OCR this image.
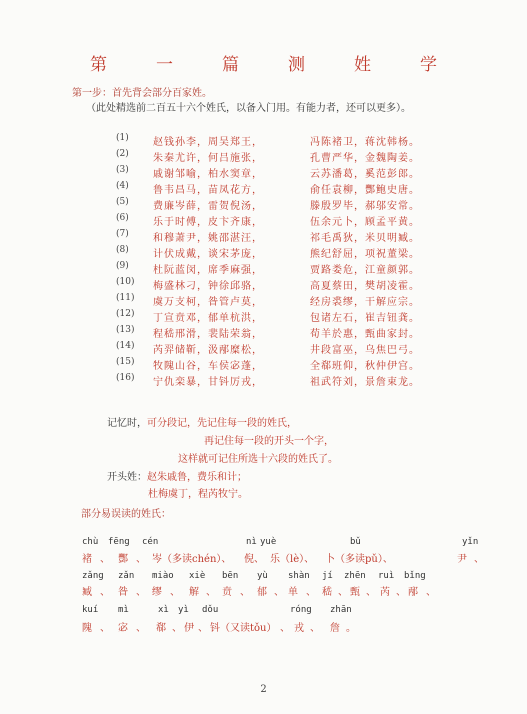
第	一	篇	测	姓	学
第一步：首先背会部分百家姓。
（此处精选前二百五十六个姓氏，以备入门用。有能力者，还可以更多）。
(1)	赵钱孙李，周吴郑王，	冯陈褚卫，蒋沈韩杨。
(2)	朱秦尤许，何吕施张，	孔曹严华，金魏陶姜。
(3)	戚谢邹喻，柏水窦章，	云苏潘葛，奚范彭郎。
(4)	鲁韦昌马，苗凤花方，	俞任袁柳，酆鲍史唐。
(5)	费廉岑薛，雷贺倪汤，	滕殷罗毕，郝邬安常。
(6)	乐于时傅，皮卞齐康，	伍余元卜，顾孟平黄。
(7)	和穆萧尹，姚邵湛汪，	祁毛禹狄，米贝明臧。
(8)	计伏成戴，谈宋茅庞，	熊纪舒屈，项祝董梁。
(9)	杜阮蓝闵，席季麻强，	贾路娄危，江童颜郭。
(10)	梅盛林刁，钟徐邱骆，	高夏蔡田，樊胡凌霍。
(11)	虞万支柯，昝管卢莫，	经房裘缪，干解应宗。
(12)	丁宣贲邓，郁单杭洪，	包诸左石，崔吉钮龚。
(13)	程嵇邢滑，裴陆荣翁，	荀羊於惠，甄曲家封。
(14)	芮羿储靳，汲邴糜松，	井段富巫，乌焦巴弓。
(15)	牧隗山谷，车侯宓蓬，	全郗班仰，秋仲伊宫。
(16)	宁仇栾暴，甘钭厉戎，	祖武符刘，景詹束龙。
记忆时，可分段记，先记住每一段的姓氏，
再记住每一段的开头一个字，
这样就可记住所选十六段的姓氏了。
开头姓：赵朱戚鲁，费乐和计；
杜梅虞丁，程芮牧宁。
部分易误读的姓氏：
chù fēng cén	nì yuè	bǔ	yǐn
褚 、 酆 、 岑（多读chén）、 倪、 乐（lè）、 卜（多读pǔ）、	尹 、
zǎng zǎn miào xiè bēn yù shàn jí zhēn ruì bǐng
臧 、 昝 、 缪 、 解 、 贲 、 郁 、 单 、 嵇 、 甄 、 芮 、 邴 、
kuí mì	xì yì dǒu	róng zhān
隗 、 宓 、 郗 、 伊 、 钭（又读tǒu） 、 戎 、 詹 。
2
